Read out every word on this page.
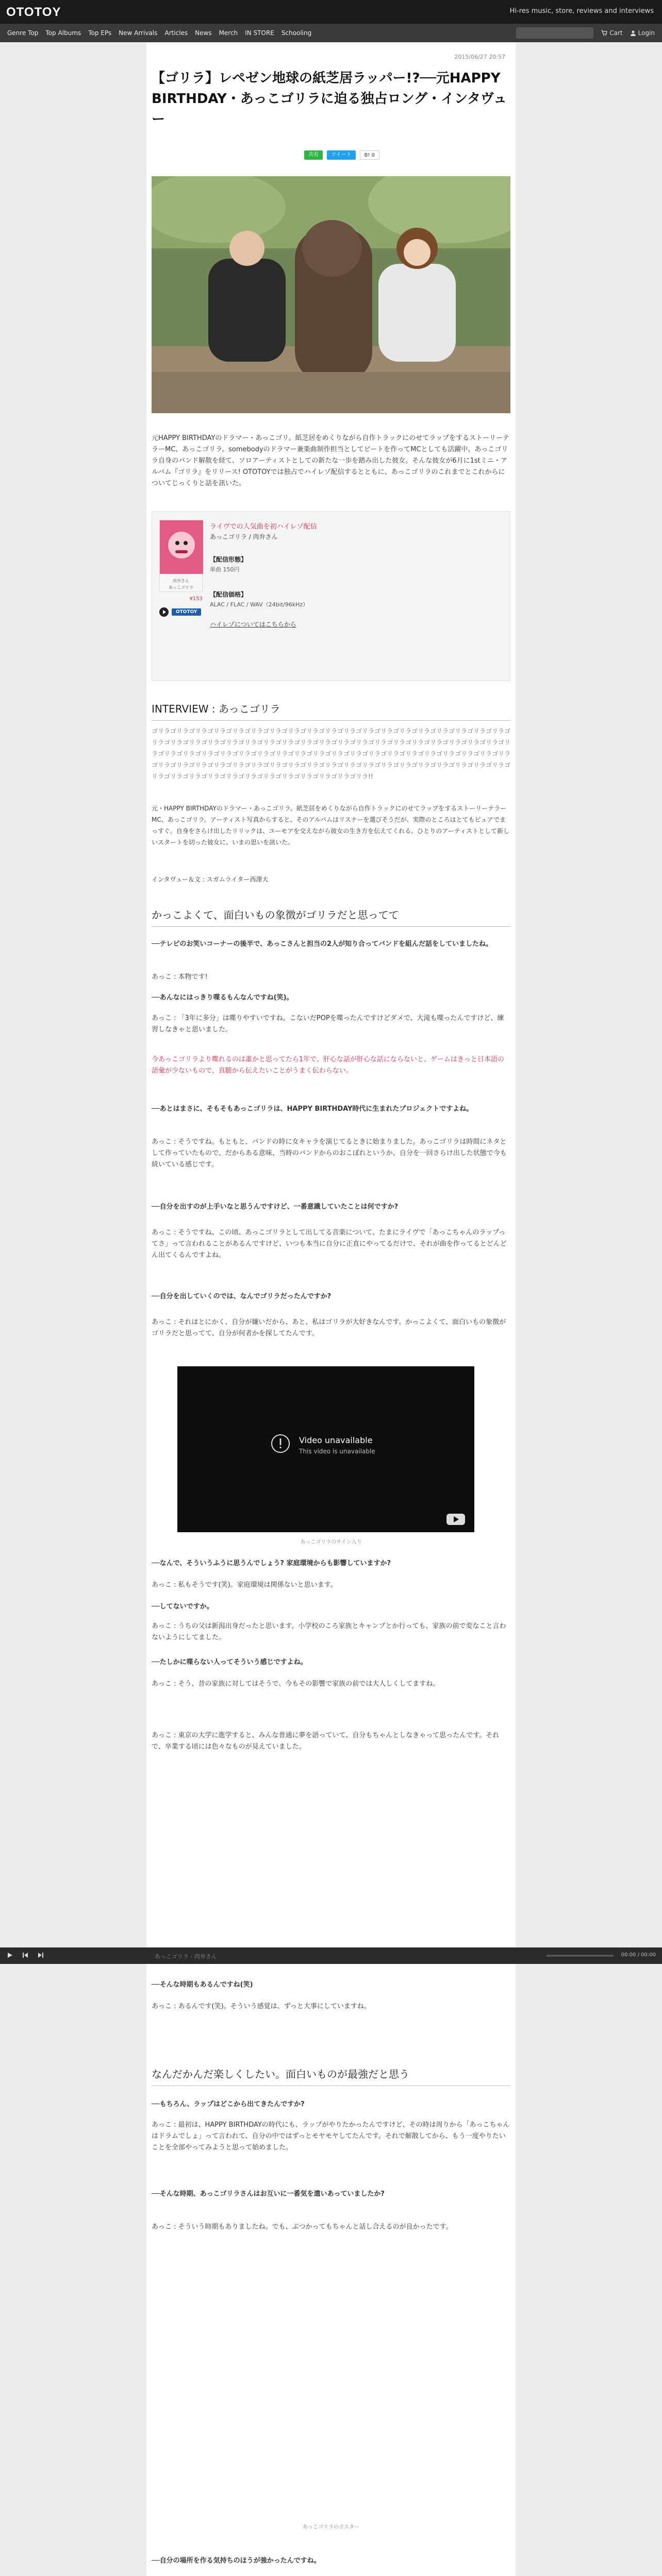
OTOTOY	Hi-res music, store, reviews and interviews
Genre Top Top Albums Top EPs New Arrivals Articles News Merch IN STORE Schooling	Cart	Login
2015/06/27 20:57
【ゴリラ】レペゼン地球の紙芝居ラッパー!?──元HAPPY BIRTHDAY・あっこゴリラに迫る独占ロング・インタヴュー
共有	ツイート	B! 0

元HAPPY BIRTHDAYのドラマー・あっこゴリ。紙芝居をめくりながら自作トラックにのせてラップをするストーリーテラーMC、あっこゴリラ。somebodyのドラマー兼楽曲制作担当としてビートを作ってMCとしても活躍中。あっこゴリラ自身のバンド解散を経て、ソロアーティストとしての新たな一歩を踏み出した彼女。そんな彼女が6月に1stミニ・アルバム『ゴリラ』をリリース! OTOTOYでは独占でハイレゾ配信するとともに、あっこゴリラのこれまでとこれからについてじっくりと話を訊いた。

肉弁さん
あっこゴリラ
¥153
OTOTOY
ライヴでの人気曲を初ハイレゾ配信
あっこゴリラ / 肉弁さん
【配信形態】
単曲 150円
【配信価格】
ALAC / FLAC / WAV（24bit/96kHz）
ハイレゾについてはこちらから
INTERVIEW : あっこゴリラ

ゴリラゴリラゴリラゴリラゴリラゴリラゴリラゴリラゴリラゴリラゴリラゴリラゴリラゴリラゴリラゴリラゴリラゴリラゴリラゴリラゴリラゴリラゴリラゴリラゴリラゴリラゴリラゴリラゴリラゴリラゴリラゴリラゴリラゴリラゴリラゴリラゴリラゴリラゴリラゴリラゴリラゴリラゴリラゴリラゴリラゴリラゴリラゴリラゴリラゴリラゴリラゴリラゴリラゴリラゴリラゴリラゴリラゴリラゴリラゴリラゴリラゴリラゴリラゴリラゴリラゴリラゴリラゴリラゴリラゴリラゴリラゴリラゴリラゴリラゴリラゴリラゴリラゴリラゴリラゴリラゴリラゴリラゴリラゴリラゴリラゴリラゴリラゴリラゴリラ!!

元・HAPPY BIRTHDAYのドラマー・あっこゴリラ。紙芝居をめくりながら自作トラックにのせてラップをするストーリーテラーMC、あっこゴリラ。アーティスト写真からすると、そのアルバムはリスナーを選びそうだが、実際のところはとてもピュアでまっすぐ。自身をさらけ出したリリックは、ユーモアを交えながら彼女の生き方を伝えてくれる。ひとりのアーティストとして新しいスタートを切った彼女に、いまの思いを訊いた。

インタヴュー＆文 : スガムライター西澤大

かっこよくて、面白いもの象徴がゴリラだと思ってて

──テレビのお笑いコーナーの後半で、あっこさんと担当の2人が知り合ってバンドを組んだ話をしていましたね。

あっこ : 本物です!

──あんなにはっきり喋るもんなんですね(笑)。

あっこ : 「3年に多分」は喋りやすいですね。こないだPOPを喋ったんですけどダメで、大滝も喋ったんですけど、練習しなきゃと思いました。

今あっこゴリラより喋れるのは誰かと思ってたら1年で、肝心な話が肝心な話にならないと、ゲームはきっと日本語の語彙が少ないもので、真髄から伝えたいことがうまく伝わらない。

──あとはまさに、そもそもあっこゴリラは、HAPPY BIRTHDAY時代に生まれたプロジェクトですよね。

あっこ : そうですね。もともと、バンドの時に女キャラを演じてるときに始まりました。あっこゴリラは時間にネタとして作っていたもので、だからある意味、当時のバンドからのおこぼれというか、自分を一回さらけ出した状態で今も続いている感じです。

──自分を出すのが上手いなと思うんですけど、一番意識していたことは何ですか?

あっこ : そうですね、この頃、あっこゴリラとして出してる音楽について、たまにライヴで「あっこちゃんのラップってさ」って言われることがあるんですけど、いつも本当に自分に正直にやってるだけで、それが曲を作ってるとどんどん出てくるんですよね。

──自分を出していくのでは、なんでゴリラだったんですか?

あっこ : それはとにかく、自分が嫌いだから、あと、私はゴリラが大好きなんです。かっこよくて、面白いもの象徴がゴリラだと思ってて、自分が何者かを探してたんです。

Video unavailable
This video is unavailable
あっこゴリラのサイン入り

──なんで、そういうふうに思うんでしょう? 家庭環境からも影響していますか?

あっこ : 私もそうです(笑)。家庭環境は関係ないと思います。

──してないですか。

あっこ : うちの父は新潟出身だったと思います。小学校のころ家族とキャンプとか行っても、家族の前で変なこと言わないようにしてました。

──たしかに喋らない人ってそういう感じですよね。

あっこ : そう、昔の家族に対してはそうで、今もその影響で家族の前では大人しくしてますね。

あっこ : 東京の大学に進学すると、みんな普通に夢を語っていて、自分もちゃんとしなきゃって思ったんです。それで、卒業する頃には色々なものが見えていました。

あっこゴリラ - 肉弁さん	00:00 / 00:00

──そんな時期もあるんですね(笑)

あっこ : あるんです(笑)。そういう感覚は、ずっと大事にしていますね。

なんだかんだ楽しくしたい。面白いものが最強だと思う

──もちろん、ラップはどこから出てきたんですか?

あっこ : 最初は、HAPPY BIRTHDAYの時代にも、ラップがやりたかったんですけど、その時は周りから「あっこちゃんはドラムでしょ」って言われて、自分の中ではずっとモヤモヤしてたんです。それで解散してから、もう一度やりたいことを全部やってみようと思って始めました。

──そんな時期、あっこゴリラさんはお互いに一番気を遣いあっていましたか?

あっこ : そういう時期もありましたね。でも、ぶつかってもちゃんと話し合えるのが良かったです。

あっこゴリラのポスター

──自分の場所を作る気持ちのほうが強かったんですね。
